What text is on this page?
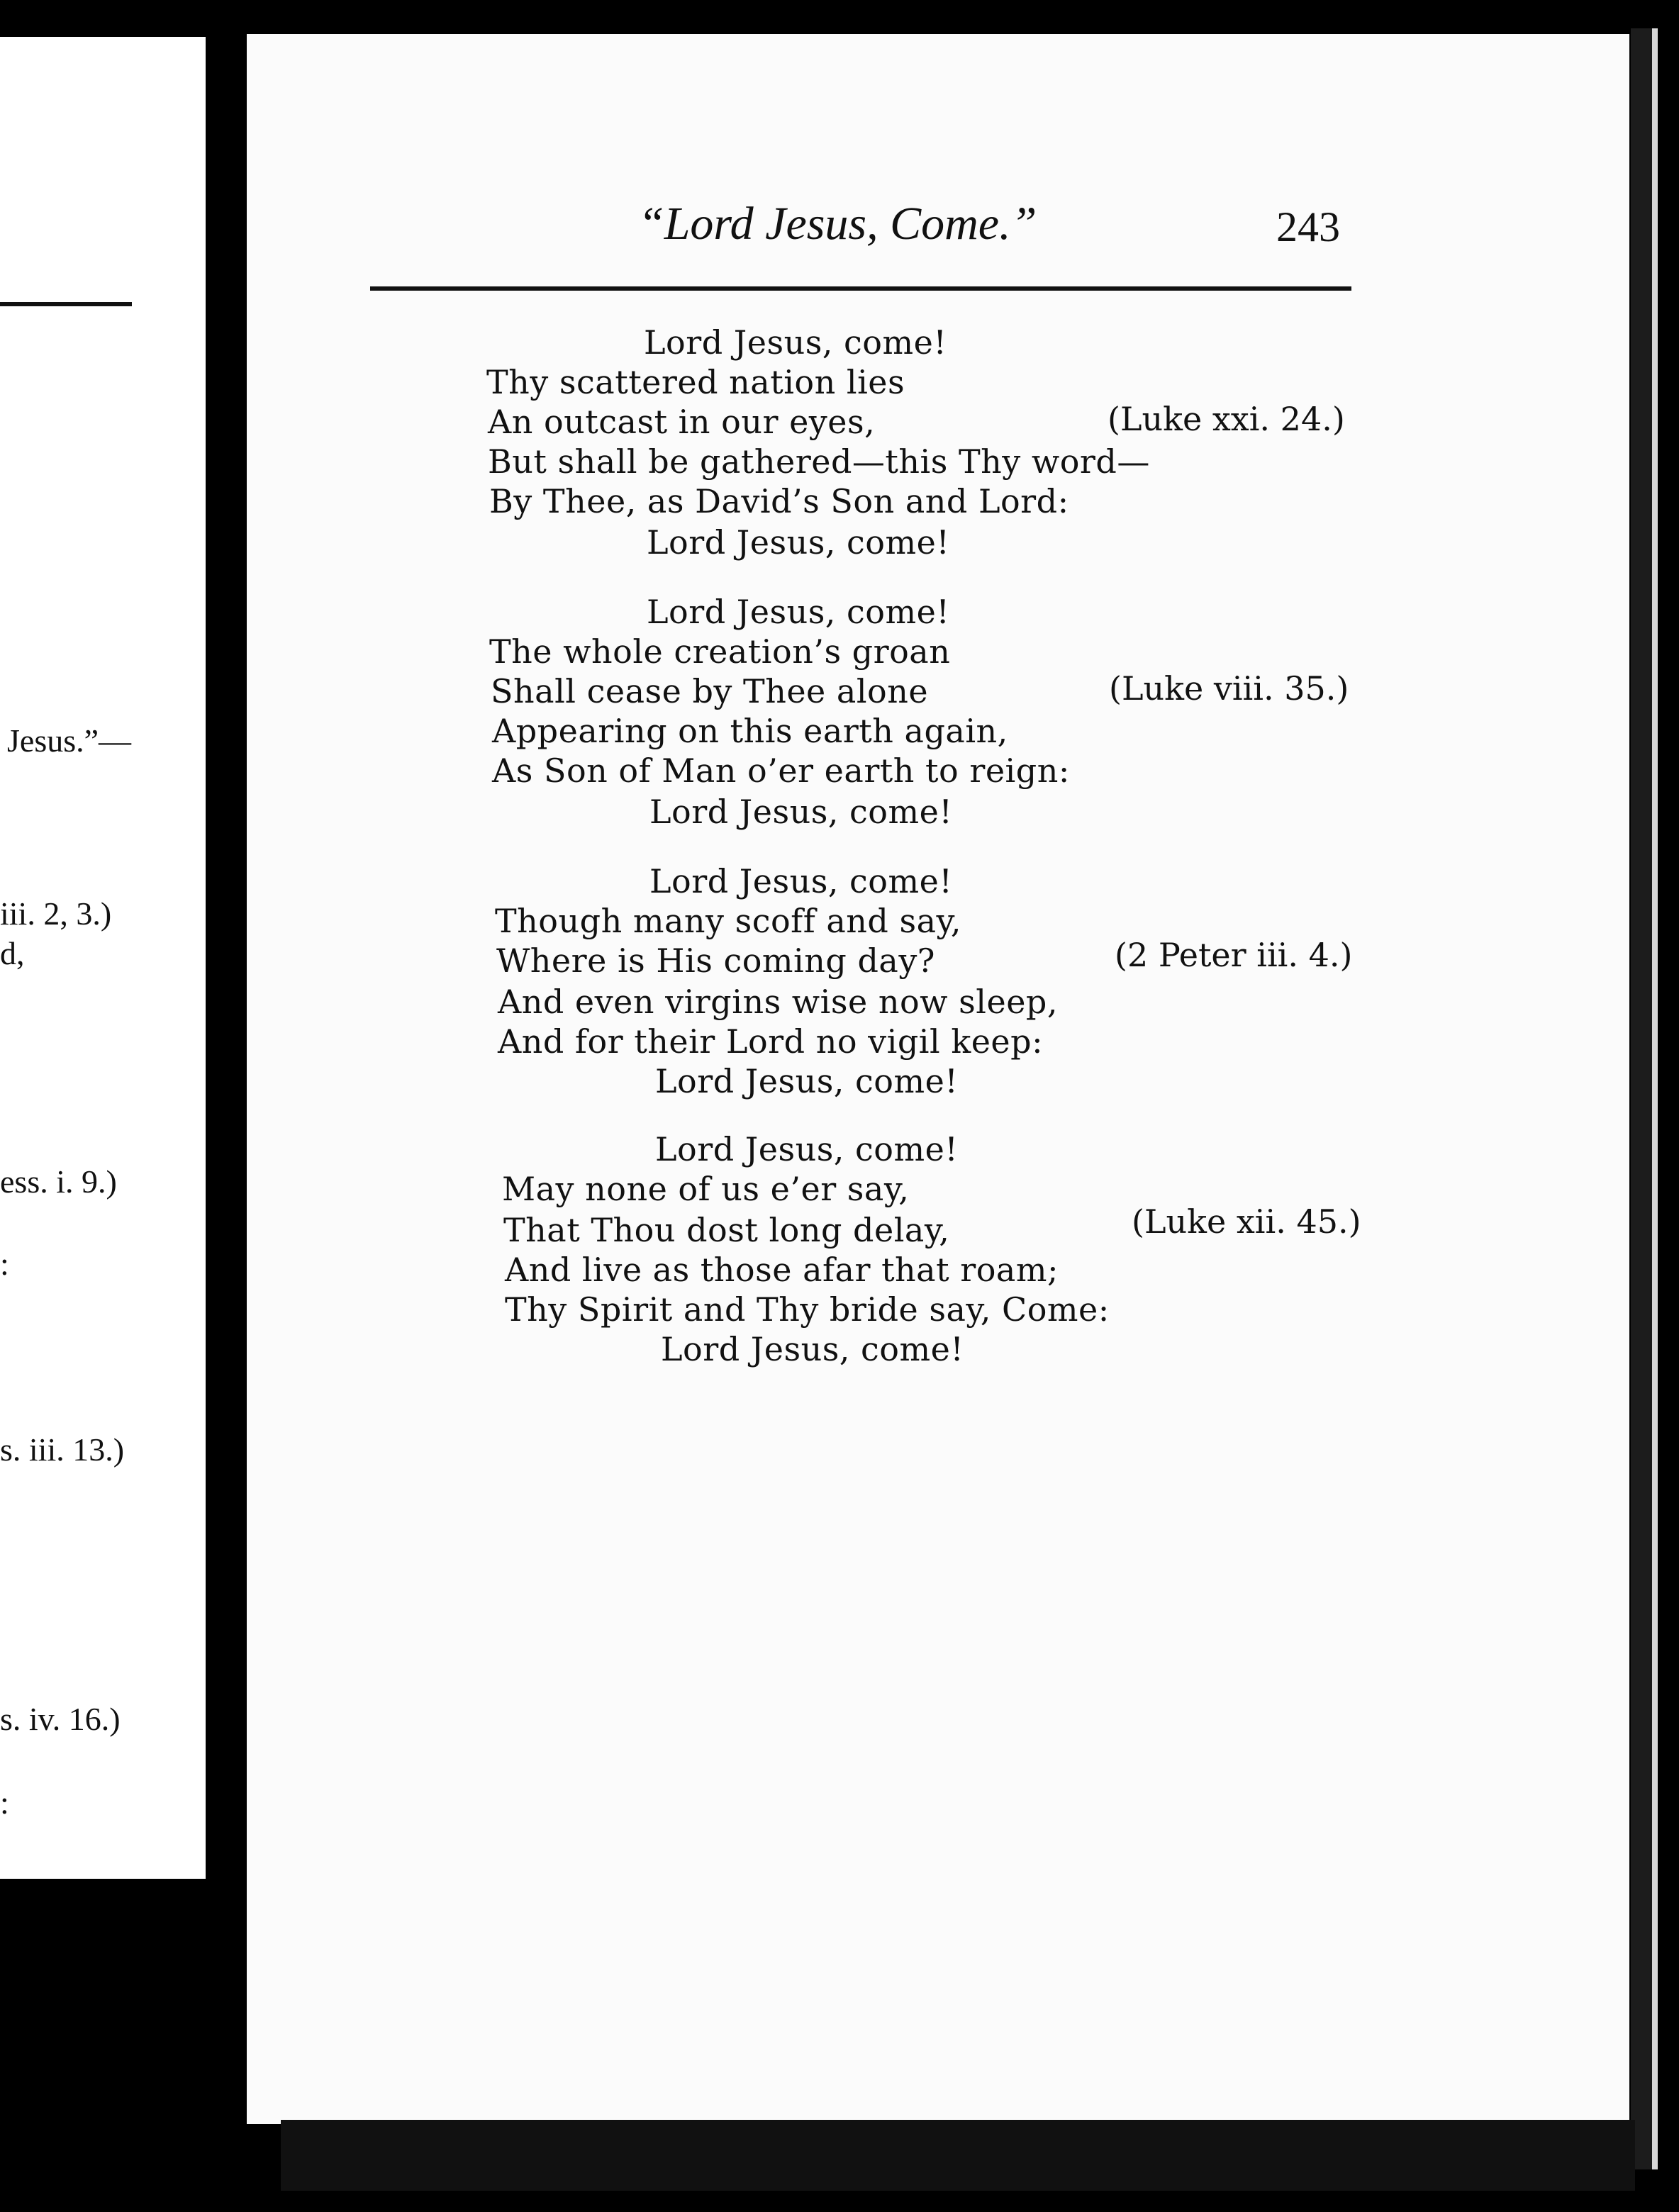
Jesus.”—
iii. 2, 3.)
d,
ess. i. 9.)
:
s. iii. 13.)
s. iv. 16.)
:
“Lord Jesus, Come.”	243
Lord Jesus, come!
Thy scattered nation lies
An outcast in our eyes,	(Luke xxi. 24.)
But shall be gathered—this Thy word—
By Thee, as David’s Son and Lord:
Lord Jesus, come!
Lord Jesus, come!
The whole creation’s groan
Shall cease by Thee alone	(Luke viii. 35.)
Appearing on this earth again,
As Son of Man o’er earth to reign:
Lord Jesus, come!
Lord Jesus, come!
Though many scoff and say,
Where is His coming day?	(2 Peter iii. 4.)
And even virgins wise now sleep,
And for their Lord no vigil keep:
Lord Jesus, come!
Lord Jesus, come!
May none of us e’er say,
That Thou dost long delay,	(Luke xii. 45.)
And live as those afar that roam;
Thy Spirit and Thy bride say, Come:
Lord Jesus, come!
